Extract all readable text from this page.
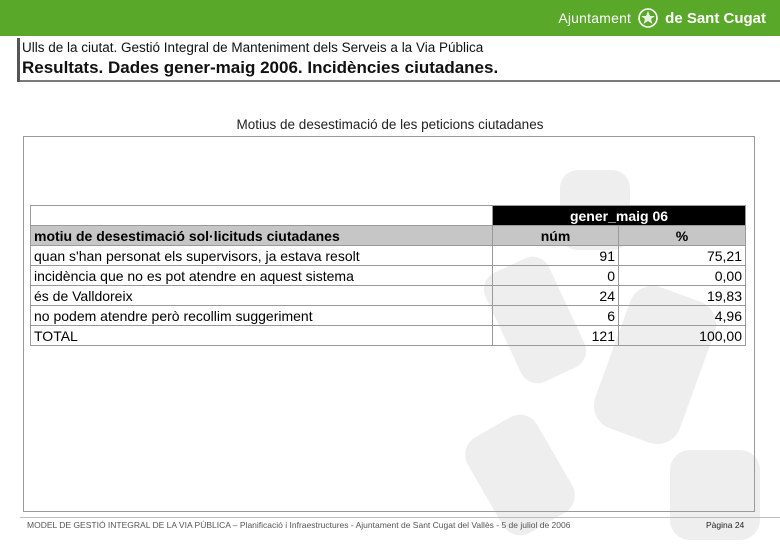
Ajuntament de Sant Cugat
Ulls de la ciutat. Gestió Integral de Manteniment dels Serveis a la Via Pública
Resultats. Dades gener-maig 2006. Incidències ciutadanes.
Motius de desestimació de les peticions ciutadanes
	gener_maig 06	
motiu de desestimació sol·licituds ciutadanes	núm	%
quan s'han personat els supervisors, ja estava resolt	91	75,21
incidència que no es pot atendre en aquest sistema	0	0,00
és de Valldoreix	24	19,83
no podem atendre però recollim suggeriment	6	4,96
TOTAL	121	100,00
MODEL DE GESTIÓ INTEGRAL DE LA VIA PÚBLICA – Planificació i Infraestructures - Ajuntament de Sant Cugat del Vallès - 5 de juliol de 2006	Pàgina 24
